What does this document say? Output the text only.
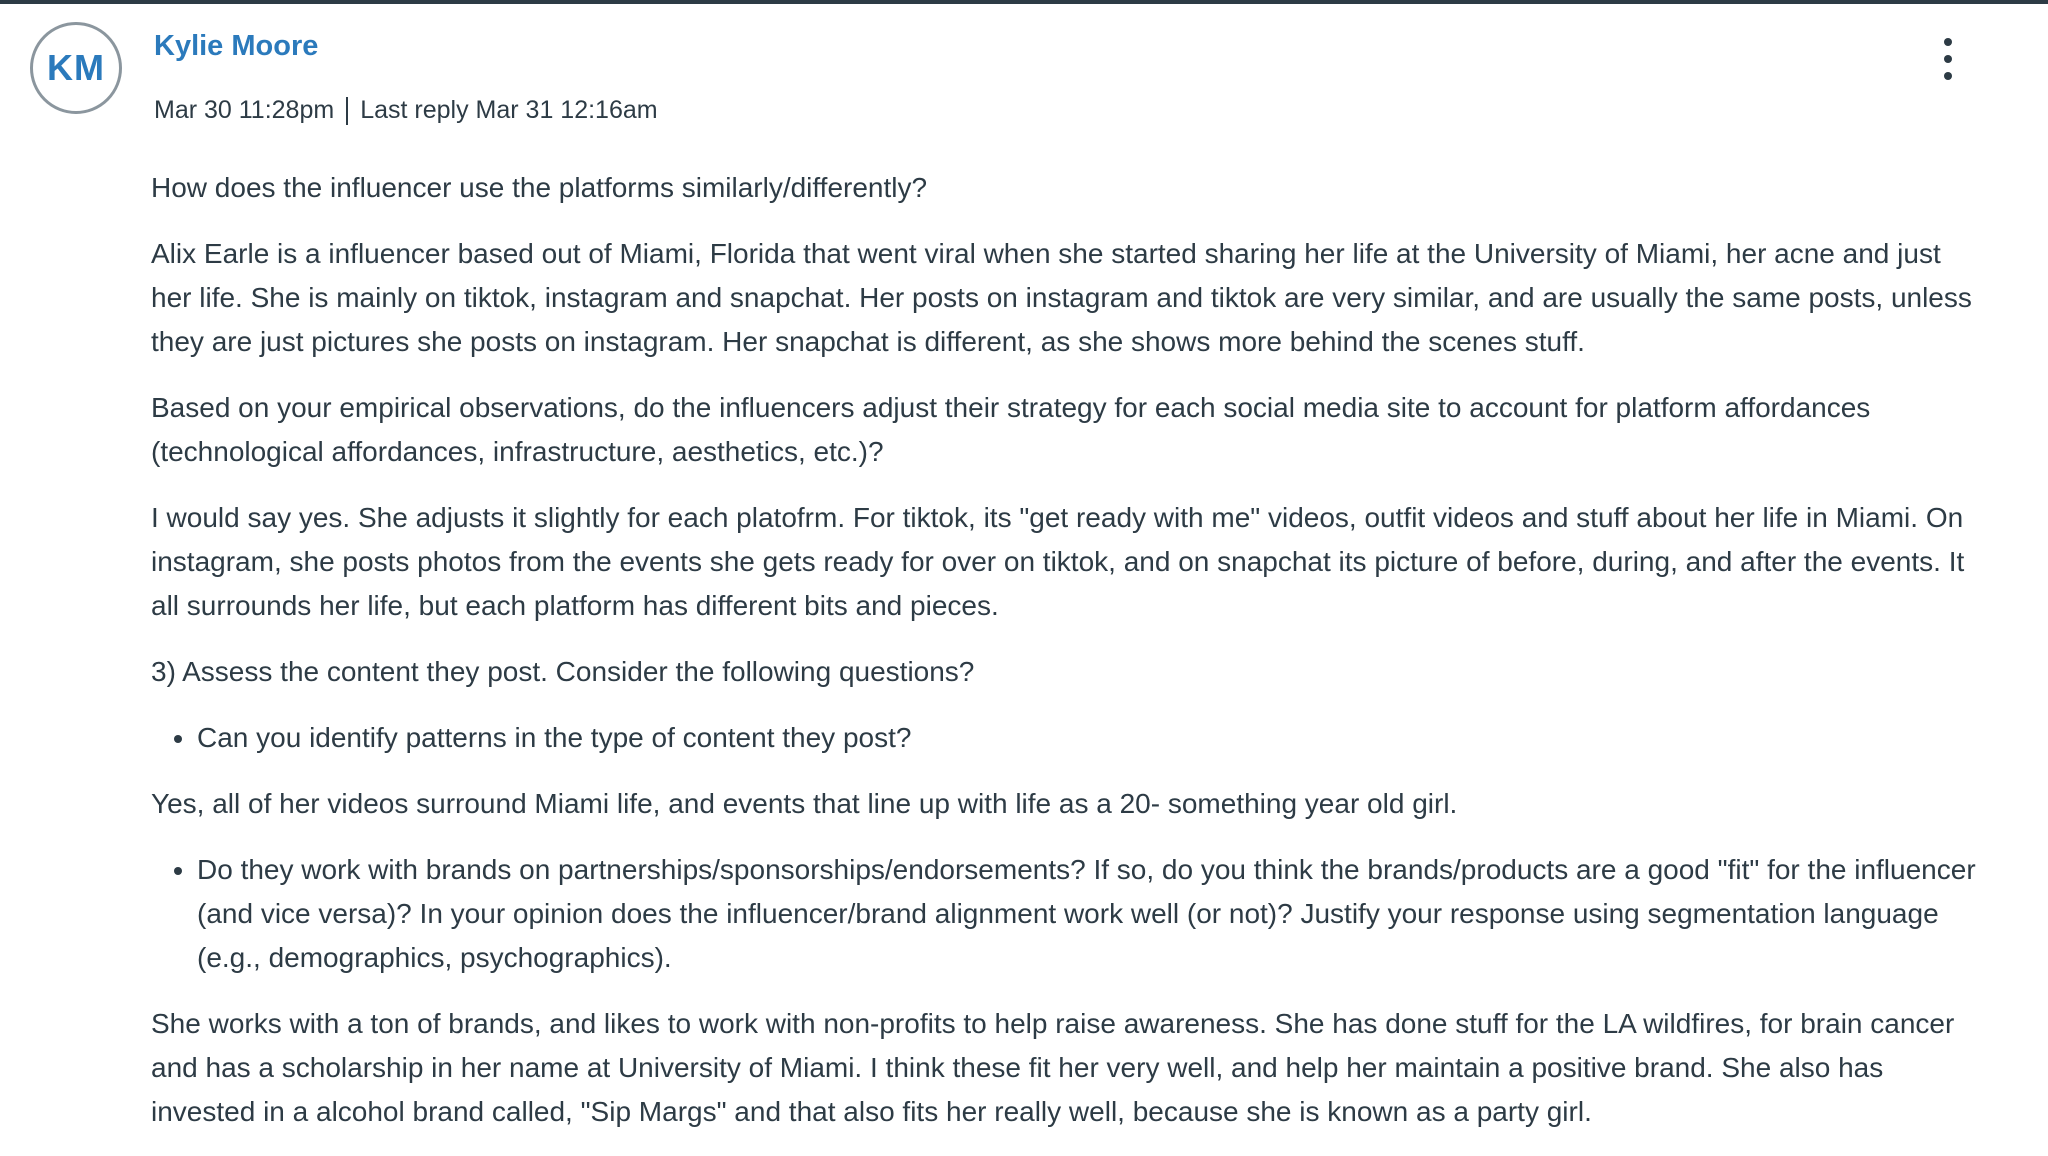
KM
Kylie Moore
Mar 30 11:28pm Last reply Mar 31 12:16am

How does the influencer use the platforms similarly/differently?

Alix Earle is a influencer based out of Miami, Florida that went viral when she started sharing her life at the University of Miami, her acne and just her life. She is mainly on tiktok, instagram and snapchat. Her posts on instagram and tiktok are very similar, and are usually the same posts, unless they are just pictures she posts on instagram. Her snapchat is different, as she shows more behind the scenes stuff.

Based on your empirical observations, do the influencers adjust their strategy for each social media site to account for platform affordances (technological affordances, infrastructure, aesthetics, etc.)?

I would say yes. She adjusts it slightly for each platofrm. For tiktok, its "get ready with me" videos, outfit videos and stuff about her life in Miami. On instagram, she posts photos from the events she gets ready for over on tiktok, and on snapchat its picture of before, during, and after the events. It all surrounds her life, but each platform has different bits and pieces.

3) Assess the content they post. Consider the following questions?

• Can you identify patterns in the type of content they post?

Yes, all of her videos surround Miami life, and events that line up with life as a 20- something year old girl.

• Do they work with brands on partnerships/sponsorships/endorsements? If so, do you think the brands/products are a good "fit" for the influencer (and vice versa)? In your opinion does the influencer/brand alignment work well (or not)? Justify your response using segmentation language (e.g., demographics, psychographics).

She works with a ton of brands, and likes to work with non-profits to help raise awareness. She has done stuff for the LA wildfires, for brain cancer and has a scholarship in her name at University of Miami. I think these fit her very well, and help her maintain a positive brand. She also has invested in a alcohol brand called, "Sip Margs" and that also fits her really well, because she is known as a party girl.
